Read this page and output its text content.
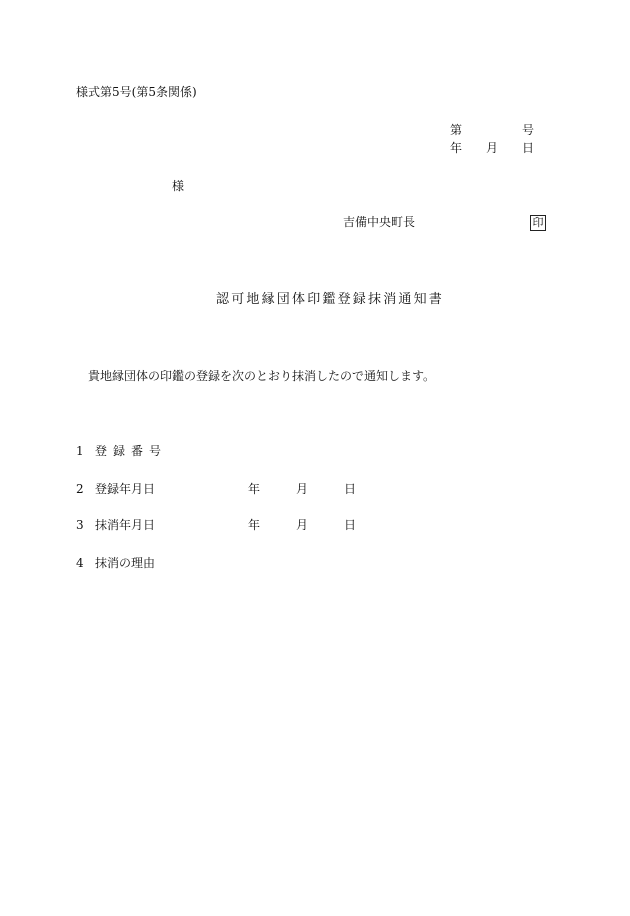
様式第5号(第5条関係)
第	号
年 月 日
様
吉備中央町長	印
認可地縁団体印鑑登録抹消通知書
貴地縁団体の印鑑の登録を次のとおり抹消したので通知します。
1 登録番号
2 登録年月日	年	月	日
3 抹消年月日	年	月	日
4 抹消の理由
